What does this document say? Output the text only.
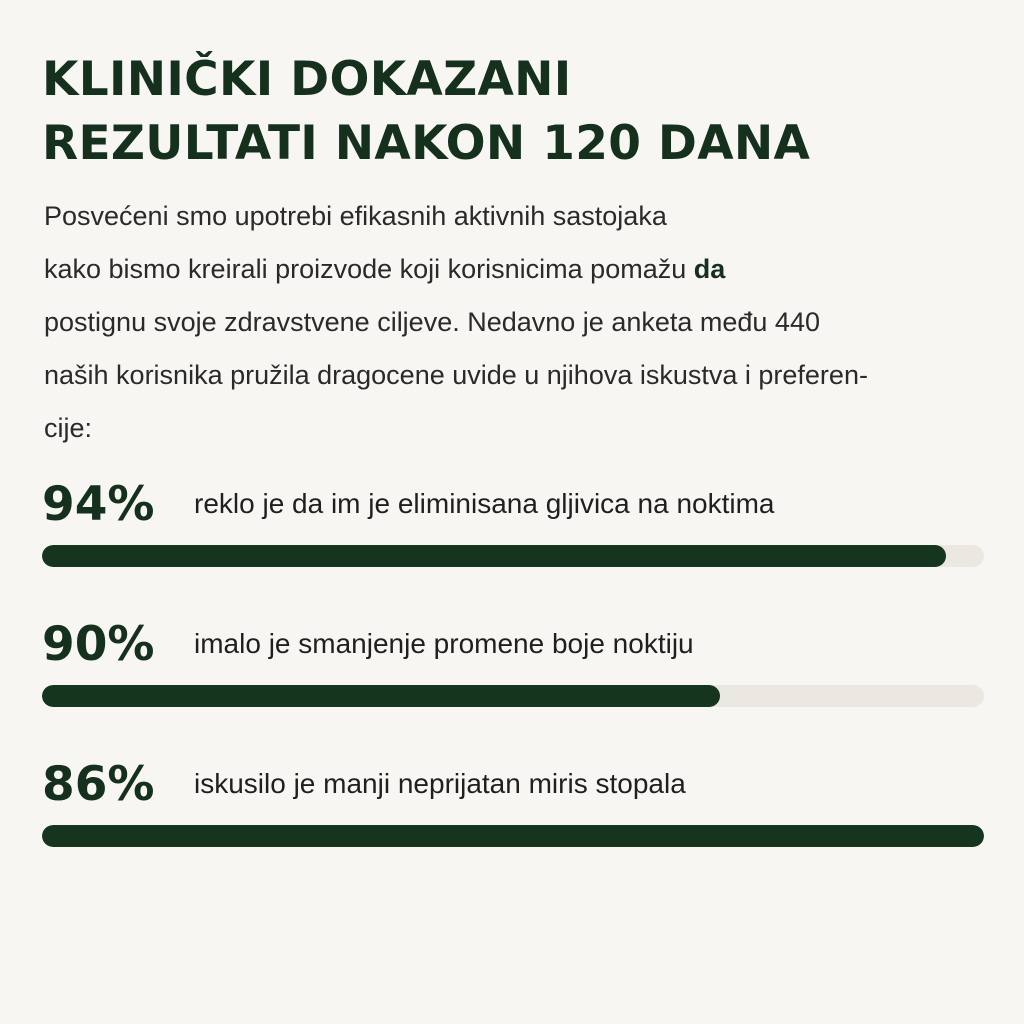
KLINIČKI DOKAZANI
REZULTATI NAKON 120 DANA

Posvećeni smo upotrebi efikasnih aktivnih sastojaka
kako bismo kreirali proizvode koji korisnicima pomažu da
postignu svoje zdravstvene ciljeve. Nedavno je anketa među 440
naših korisnika pružila dragocene uvide u njihova iskustva i preferen-
cije:

94%	reklo je da im je eliminisana gljivica na noktima
90%	imalo je smanjenje promene boje noktiju
86%	iskusilo je manji neprijatan miris stopala
